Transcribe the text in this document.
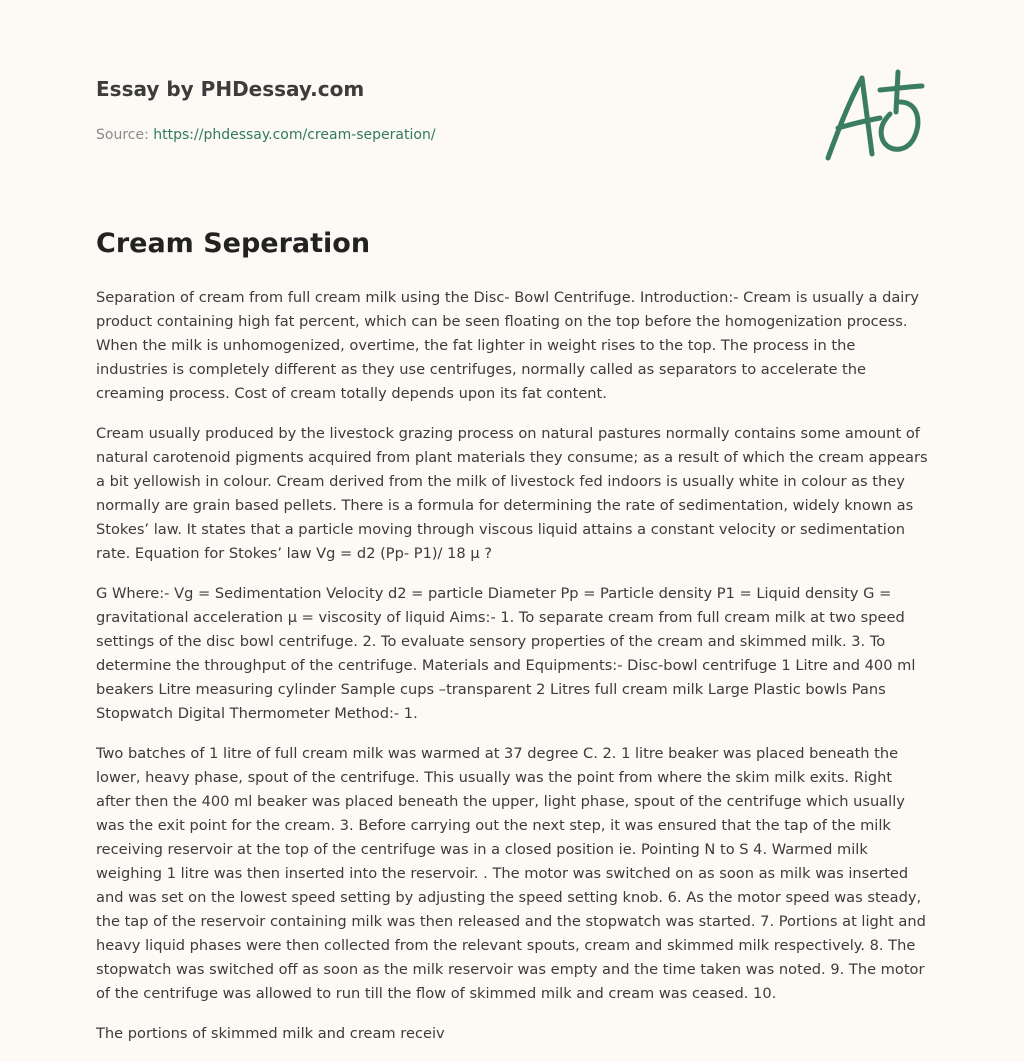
Essay by PHDessay.com
Source: https://phdessay.com/cream-seperation/
Cream Seperation

Separation of cream from full cream milk using the Disc- Bowl Centrifuge. Introduction:- Cream is usually a dairy product containing high fat percent, which can be seen floating on the top before the homogenization process. When the milk is unhomogenized, overtime, the fat lighter in weight rises to the top. The process in the industries is completely different as they use centrifuges, normally called as separators to accelerate the creaming process. Cost of cream totally depends upon its fat content.

Cream usually produced by the livestock grazing process on natural pastures normally contains some amount of natural carotenoid pigments acquired from plant materials they consume; as a result of which the cream appears a bit yellowish in colour. Cream derived from the milk of livestock fed indoors is usually white in colour as they normally are grain based pellets. There is a formula for determining the rate of sedimentation, widely known as Stokes’ law. It states that a particle moving through viscous liquid attains a constant velocity or sedimentation rate. Equation for Stokes’ law Vg = d2 (Pp- P1)/ 18 μ ?

G Where:- Vg = Sedimentation Velocity d2 = particle Diameter Pp = Particle density P1 = Liquid density G = gravitational acceleration μ = viscosity of liquid Aims:- 1. To separate cream from full cream milk at two speed settings of the disc bowl centrifuge. 2. To evaluate sensory properties of the cream and skimmed milk. 3. To determine the throughput of the centrifuge. Materials and Equipments:- Disc-bowl centrifuge 1 Litre and 400 ml beakers Litre measuring cylinder Sample cups –transparent 2 Litres full cream milk Large Plastic bowls Pans Stopwatch Digital Thermometer Method:- 1.

Two batches of 1 litre of full cream milk was warmed at 37 degree C. 2. 1 litre beaker was placed beneath the lower, heavy phase, spout of the centrifuge. This usually was the point from where the skim milk exits. Right after then the 400 ml beaker was placed beneath the upper, light phase, spout of the centrifuge which usually was the exit point for the cream. 3. Before carrying out the next step, it was ensured that the tap of the milk receiving reservoir at the top of the centrifuge was in a closed position ie. Pointing N to S 4. Warmed milk weighing 1 litre was then inserted into the reservoir. . The motor was switched on as soon as milk was inserted and was set on the lowest speed setting by adjusting the speed setting knob. 6. As the motor speed was steady, the tap of the reservoir containing milk was then released and the stopwatch was started. 7. Portions at light and heavy liquid phases were then collected from the relevant spouts, cream and skimmed milk respectively. 8. The stopwatch was switched off as soon as the milk reservoir was empty and the time taken was noted. 9. The motor of the centrifuge was allowed to run till the flow of skimmed milk and cream was ceased. 10.

The portions of skimmed milk and cream receiv
